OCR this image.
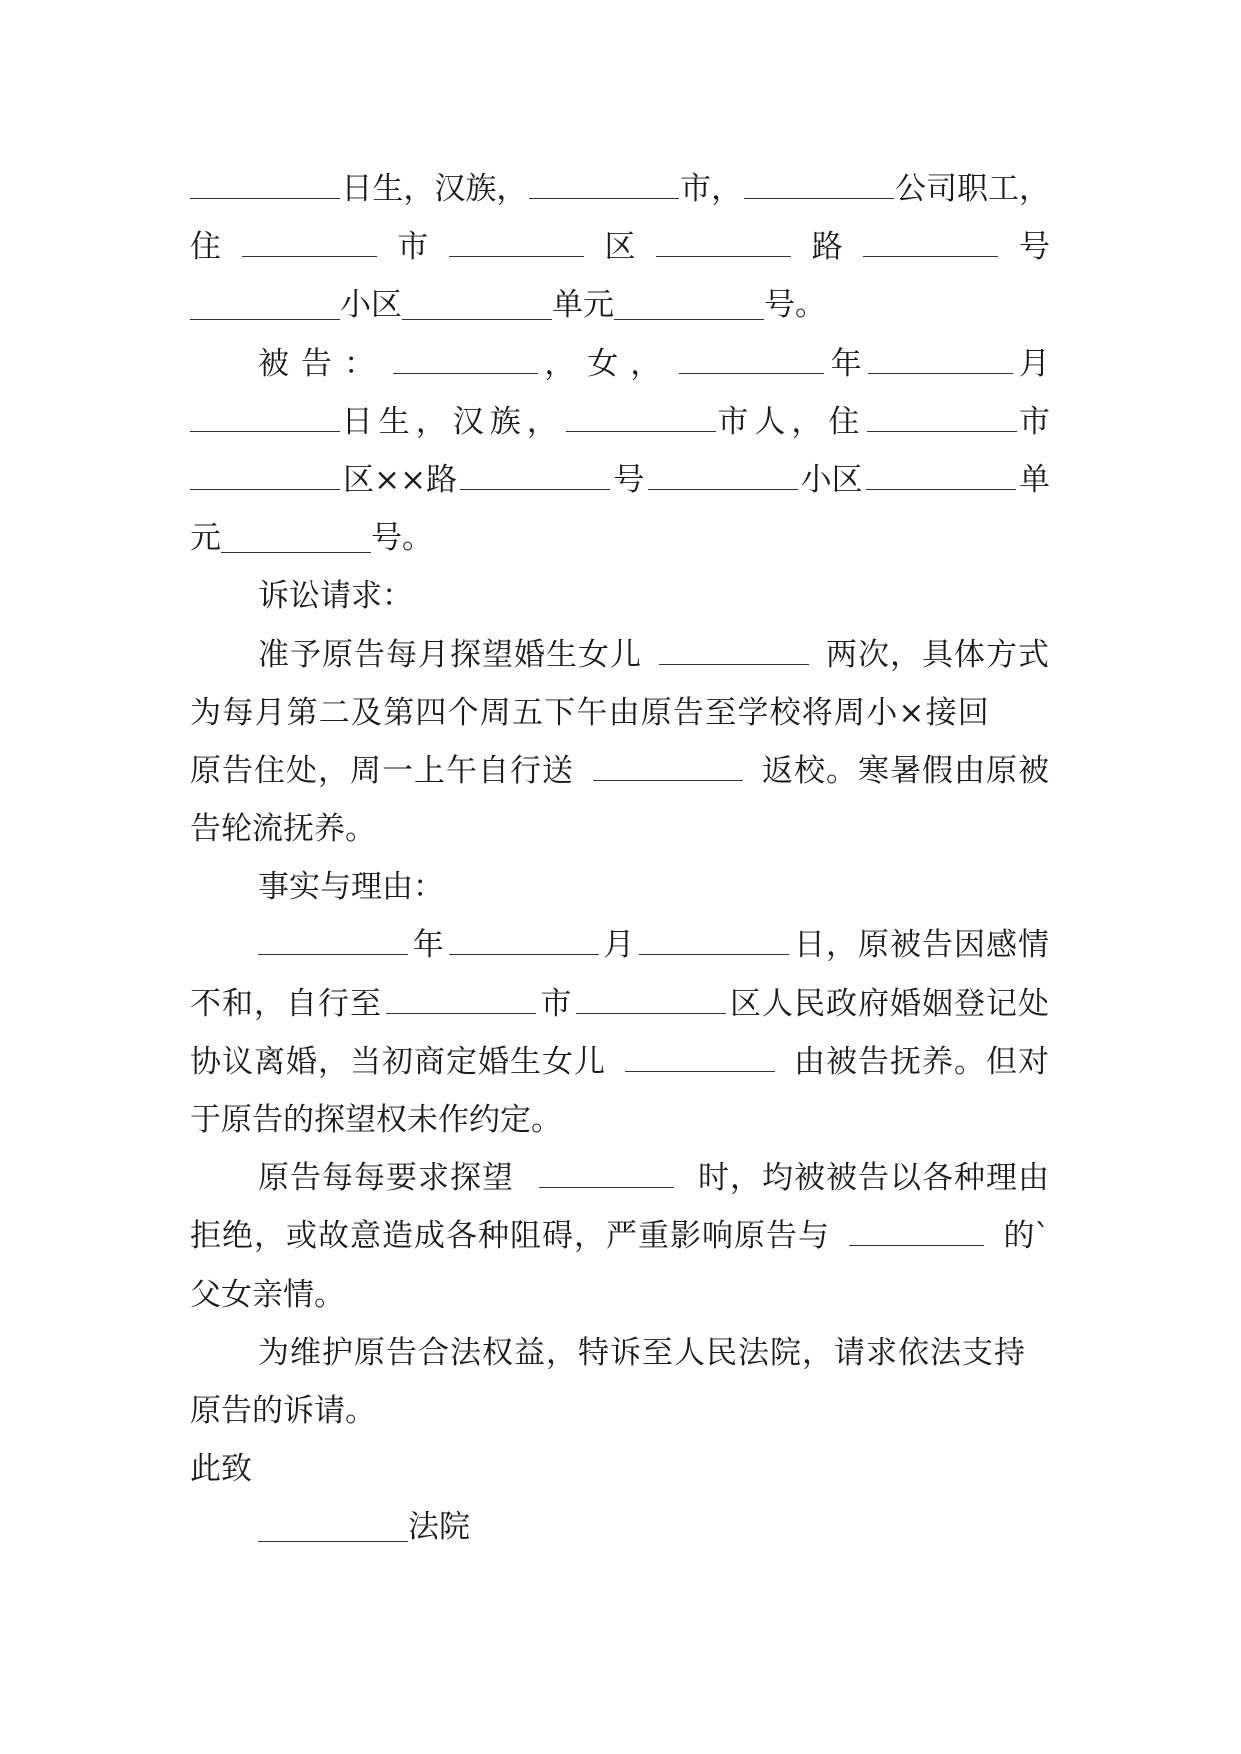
日生，汉族，	市，	公司职工，
住	市	区	路	号
小区	单元	号。
被告：	，女，	年	月
日生，汉族，	市人，住	市
区××路	号	小区	单
元	号。
诉讼请求：
准予原告每月探望婚生女儿	两次，具体方式
为每月第二及第四个周五下午由原告至学校将周小×接回
原告住处，周一上午自行送	返校。寒暑假由原被
告轮流抚养。
事实与理由：
年	月	日，原被告因感情
不和，自行至	市	区人民政府婚姻登记处
协议离婚，当初商定婚生女儿	由被告抚养。但对
于原告的探望权未作约定。
原告每每要求探望	时，均被被告以各种理由
拒绝，或故意造成各种阻碍，严重影响原告与	的`
父女亲情。
为维护原告合法权益，特诉至人民法院，请求依法支持
原告的诉请。
此致
法院
